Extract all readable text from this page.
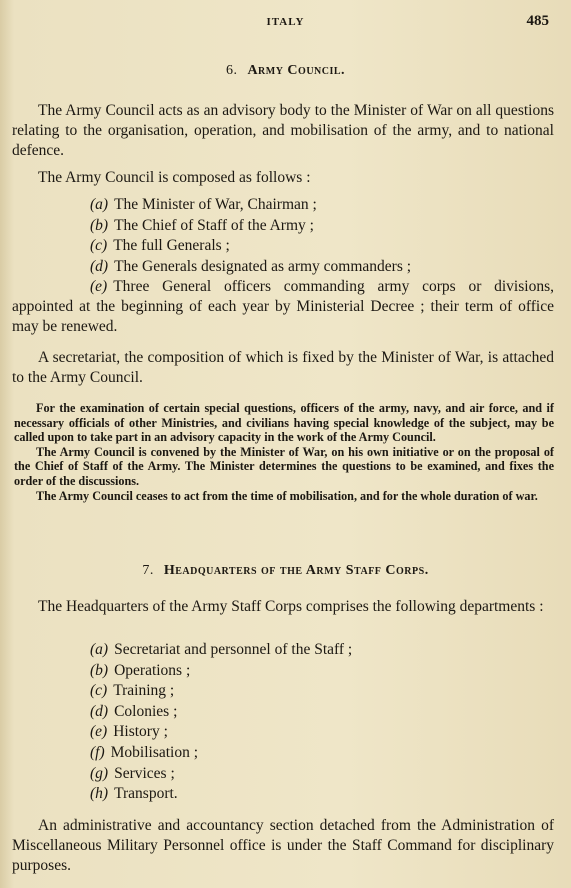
ITALY	485
6. Army Council.
The Army Council acts as an advisory body to the Minister of War on all questions relating to the organisation, operation, and mobilisation of the army, and to national defence.
The Army Council is composed as follows :
(a) The Minister of War, Chairman ;
(b) The Chief of Staff of the Army ;
(c) The full Generals ;
(d) The Generals designated as army commanders ;
(e) Three General officers commanding army corps or divisions, appointed at the beginning of each year by Ministerial Decree ; their term of office may be renewed.
A secretariat, the composition of which is fixed by the Minister of War, is attached to the Army Council.

For the examination of certain special questions, officers of the army, navy, and air force, and if necessary officials of other Ministries, and civilians having special knowledge of the subject, may be called upon to take part in an advisory capacity in the work of the Army Council.

The Army Council is convened by the Minister of War, on his own initiative or on the proposal of the Chief of Staff of the Army. The Minister determines the questions to be examined, and fixes the order of the discussions.

The Army Council ceases to act from the time of mobilisation, and for the whole duration of war.

7. Headquarters of the Army Staff Corps.
The Headquarters of the Army Staff Corps comprises the following departments :
(a) Secretariat and personnel of the Staff ;
(b) Operations ;
(c) Training ;
(d) Colonies ;
(e) History ;
(f) Mobilisation ;
(g) Services ;
(h) Transport.
An administrative and accountancy section detached from the Administration of Miscellaneous Military Personnel office is under the Staff Command for disciplinary purposes.
